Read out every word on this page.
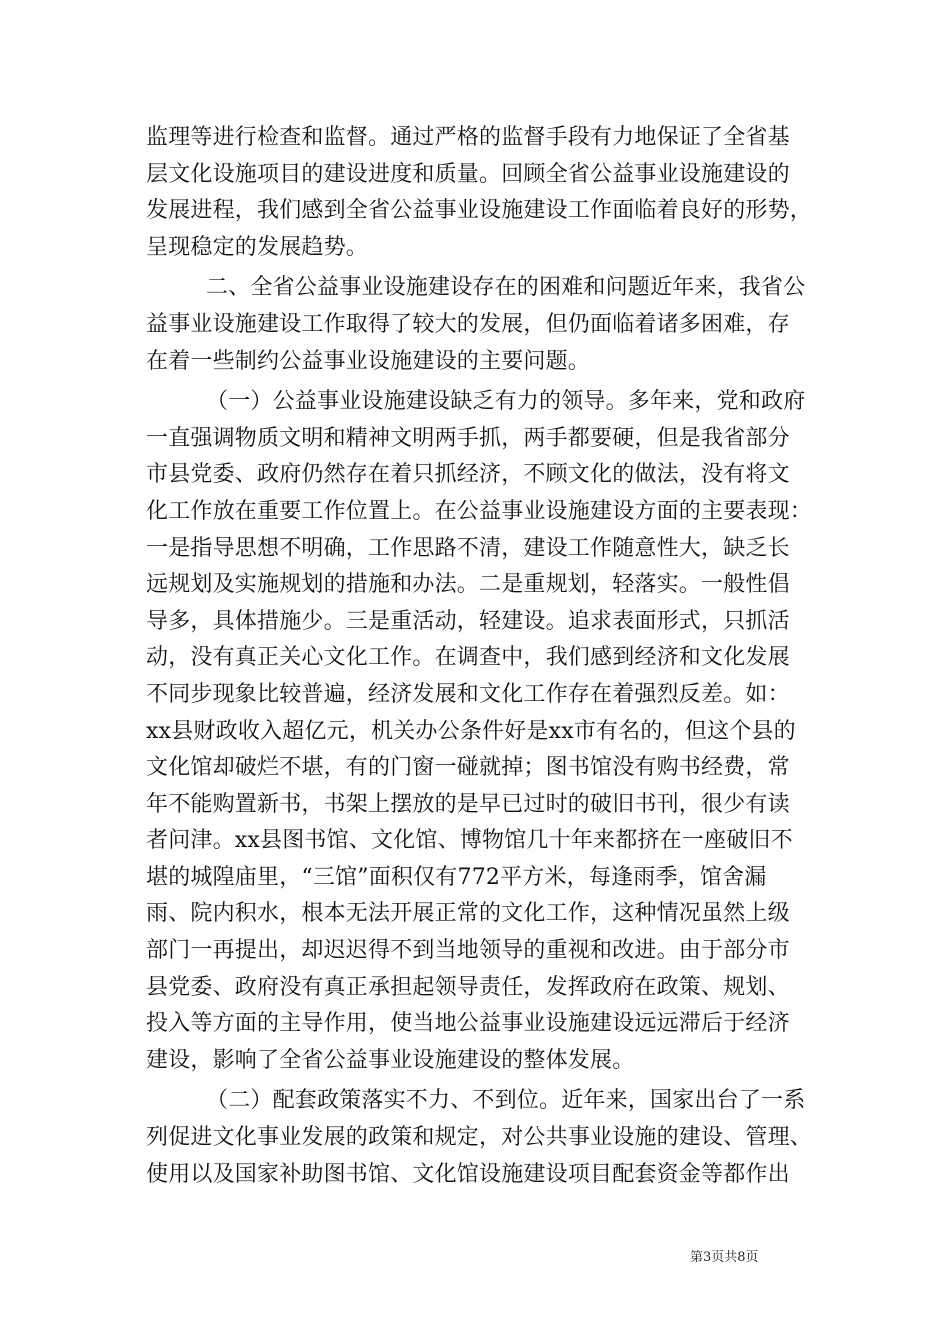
监理等进行检查和监督。通过严格的监督手段有力地保证了全省基
层文化设施项目的建设进度和质量。回顾全省公益事业设施建设的
发展进程，我们感到全省公益事业设施建设工作面临着良好的形势，
呈现稳定的发展趋势。

二、全省公益事业设施建设存在的困难和问题近年来，我省公
益事业设施建设工作取得了较大的发展，但仍面临着诸多困难，存
在着一些制约公益事业设施建设的主要问题。

（一）公益事业设施建设缺乏有力的领导。多年来，党和政府
一直强调物质文明和精神文明两手抓，两手都要硬，但是我省部分
市县党委、政府仍然存在着只抓经济，不顾文化的做法，没有将文
化工作放在重要工作位置上。在公益事业设施建设方面的主要表现：
一是指导思想不明确，工作思路不清，建设工作随意性大，缺乏长
远规划及实施规划的措施和办法。二是重规划，轻落实。一般性倡
导多，具体措施少。三是重活动，轻建设。追求表面形式，只抓活
动，没有真正关心文化工作。在调查中，我们感到经济和文化发展
不同步现象比较普遍，经济发展和文化工作存在着强烈反差。如：
xx县财政收入超亿元，机关办公条件好是xx市有名的，但这个县的
文化馆却破烂不堪，有的门窗一碰就掉；图书馆没有购书经费，常
年不能购置新书，书架上摆放的是早已过时的破旧书刊，很少有读
者问津。xx县图书馆、文化馆、博物馆几十年来都挤在一座破旧不
堪的城隍庙里，“三馆”面积仅有772平方米，每逢雨季，馆舍漏
雨、院内积水，根本无法开展正常的文化工作，这种情况虽然上级
部门一再提出，却迟迟得不到当地领导的重视和改进。由于部分市
县党委、政府没有真正承担起领导责任，发挥政府在政策、规划、
投入等方面的主导作用，使当地公益事业设施建设远远滞后于经济
建设，影响了全省公益事业设施建设的整体发展。

（二）配套政策落实不力、不到位。近年来，国家出台了一系
列促进文化事业发展的政策和规定，对公共事业设施的建设、管理、
使用以及国家补助图书馆、文化馆设施建设项目配套资金等都作出

第3页共8页
